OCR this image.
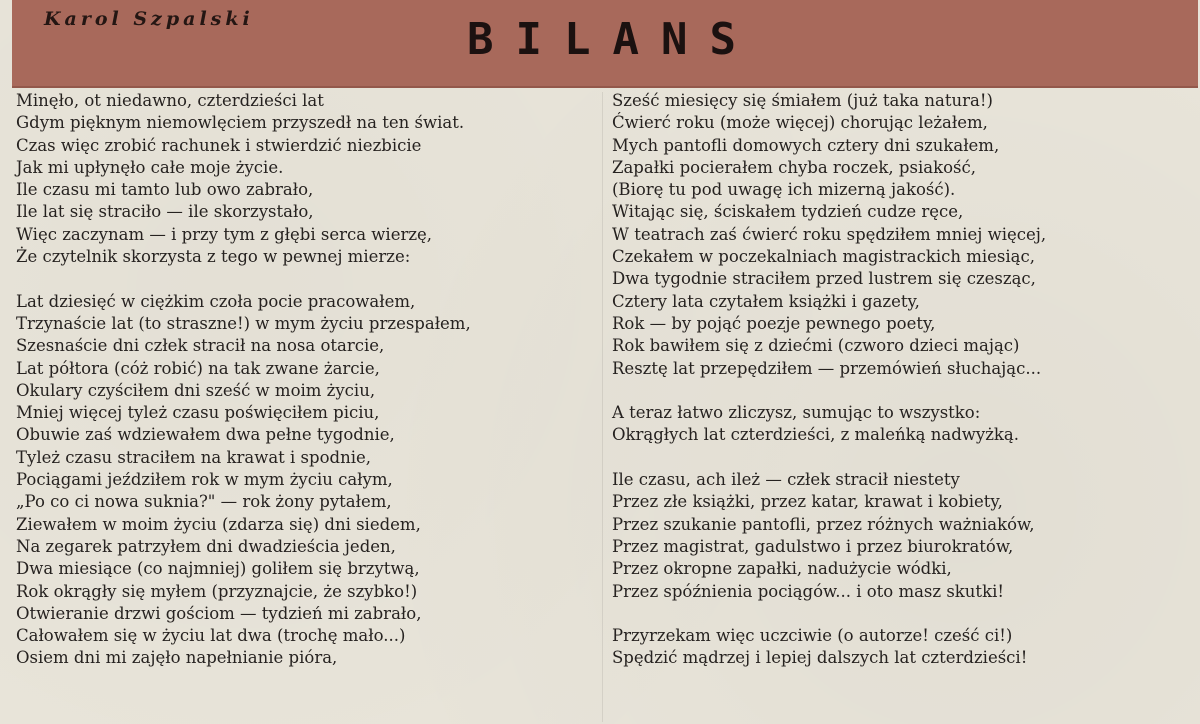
Karol Szpalski	BILANS
Minęło, ot niedawno, czterdzieści lat
Gdym pięknym niemowlęciem przyszedł na ten świat.
Czas więc zrobić rachunek i stwierdzić niezbicie
Jak mi upłynęło całe moje życie.
Ile czasu mi tamto lub owo zabrało,
Ile lat się straciło — ile skorzystało,
Więc zaczynam — i przy tym z głębi serca wierzę,
Że czytelnik skorzysta z tego w pewnej mierze:
Lat dziesięć w ciężkim czoła pocie pracowałem,
Trzynaście lat (to straszne!) w mym życiu przespałem,
Szesnaście dni człek stracił na nosa otarcie,
Lat półtora (cóż robić) na tak zwane żarcie,
Okulary czyściłem dni sześć w moim życiu,
Mniej więcej tyleż czasu poświęciłem piciu,
Obuwie zaś wdziewałem dwa pełne tygodnie,
Tyleż czasu straciłem na krawat i spodnie,
Pociągami jeździłem rok w mym życiu całym,
„Po co ci nowa suknia?" — rok żony pytałem,
Ziewałem w moim życiu (zdarza się) dni siedem,
Na zegarek patrzyłem dni dwadzieścia jeden,
Dwa miesiące (co najmniej) goliłem się brzytwą,
Rok okrągły się myłem (przyznajcie, że szybko!)
Otwieranie drzwi gościom — tydzień mi zabrało,
Całowałem się w życiu lat dwa (trochę mało...)
Osiem dni mi zajęło napełnianie pióra,
Sześć miesięcy się śmiałem (już taka natura!)
Ćwierć roku (może więcej) chorując leżałem,
Mych pantofli domowych cztery dni szukałem,
Zapałki pocierałem chyba roczek, psiakość,
(Biorę tu pod uwagę ich mizerną jakość).
Witając się, ściskałem tydzień cudze ręce,
W teatrach zaś ćwierć roku spędziłem mniej więcej,
Czekałem w poczekalniach magistrackich miesiąc,
Dwa tygodnie straciłem przed lustrem się czesząc,
Cztery lata czytałem książki i gazety,
Rok — by pojąć poezje pewnego poety,
Rok bawiłem się z dziećmi (czworo dzieci mając)
Resztę lat przepędziłem — przemówień słuchając...
A teraz łatwo zliczysz, sumując to wszystko:
Okrągłych lat czterdzieści, z maleńką nadwyżką.
Ile czasu, ach ileż — człek stracił niestety
Przez złe książki, przez katar, krawat i kobiety,
Przez szukanie pantofli, przez różnych ważniaków,
Przez magistrat, gadulstwo i przez biurokratów,
Przez okropne zapałki, nadużycie wódki,
Przez spóźnienia pociągów... i oto masz skutki!
Przyrzekam więc uczciwie (o autorze! cześć ci!)
Spędzić mądrzej i lepiej dalszych lat czterdzieści!
